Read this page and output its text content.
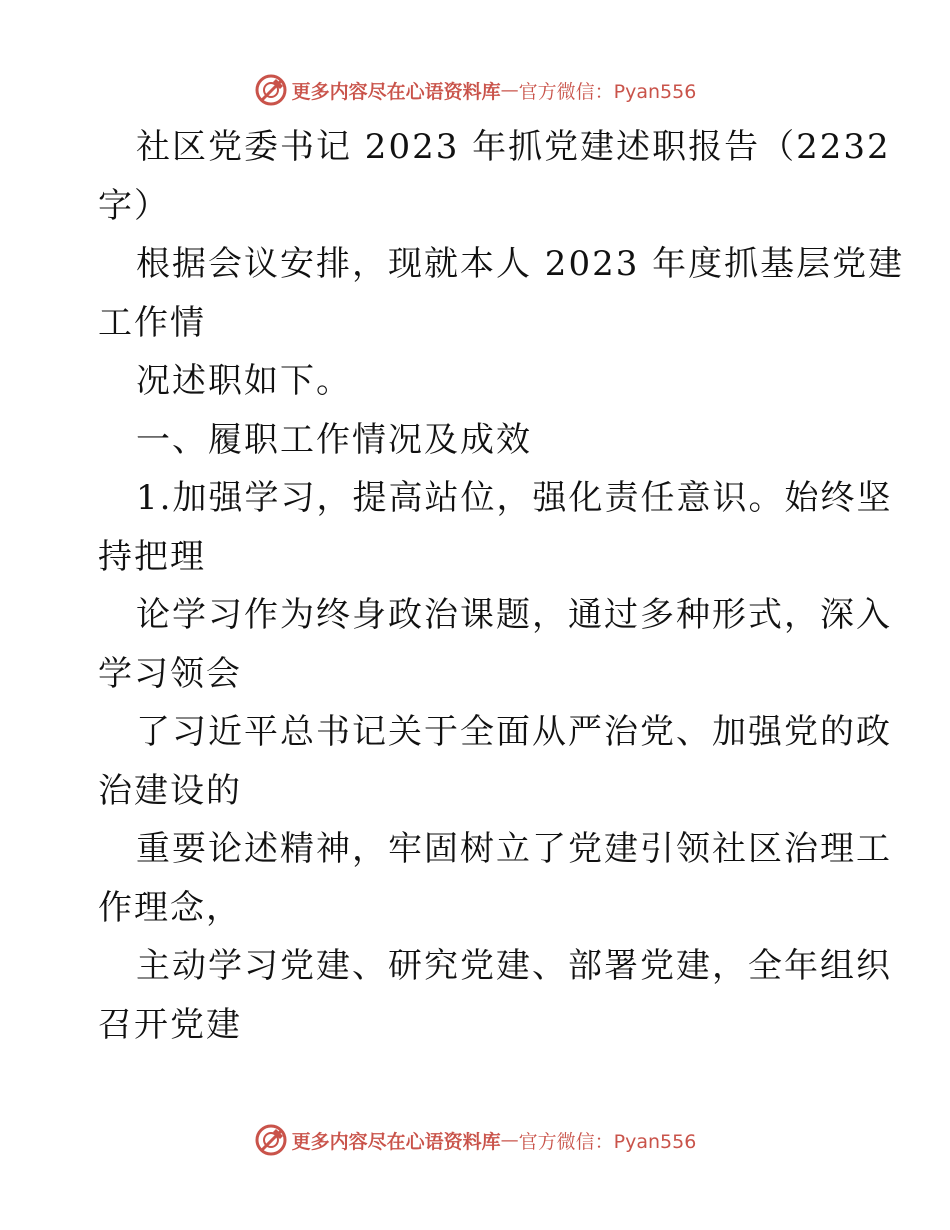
更多内容尽在心语资料库 — 官方微信：Pyan556
社区党委书记 2023 年抓党建述职报告（2232
字）
根据会议安排，现就本人 2023 年度抓基层党建
工作情
况述职如下。
一、履职工作情况及成效
1.加强学习，提高站位，强化责任意识。始终坚
持把理
论学习作为终身政治课题，通过多种形式，深入
学习领会
了习近平总书记关于全面从严治党、加强党的政
治建设的
重要论述精神，牢固树立了党建引领社区治理工
作理念，
主动学习党建、研究党建、部署党建，全年组织
召开党建
更多内容尽在心语资料库 — 官方微信：Pyan556
